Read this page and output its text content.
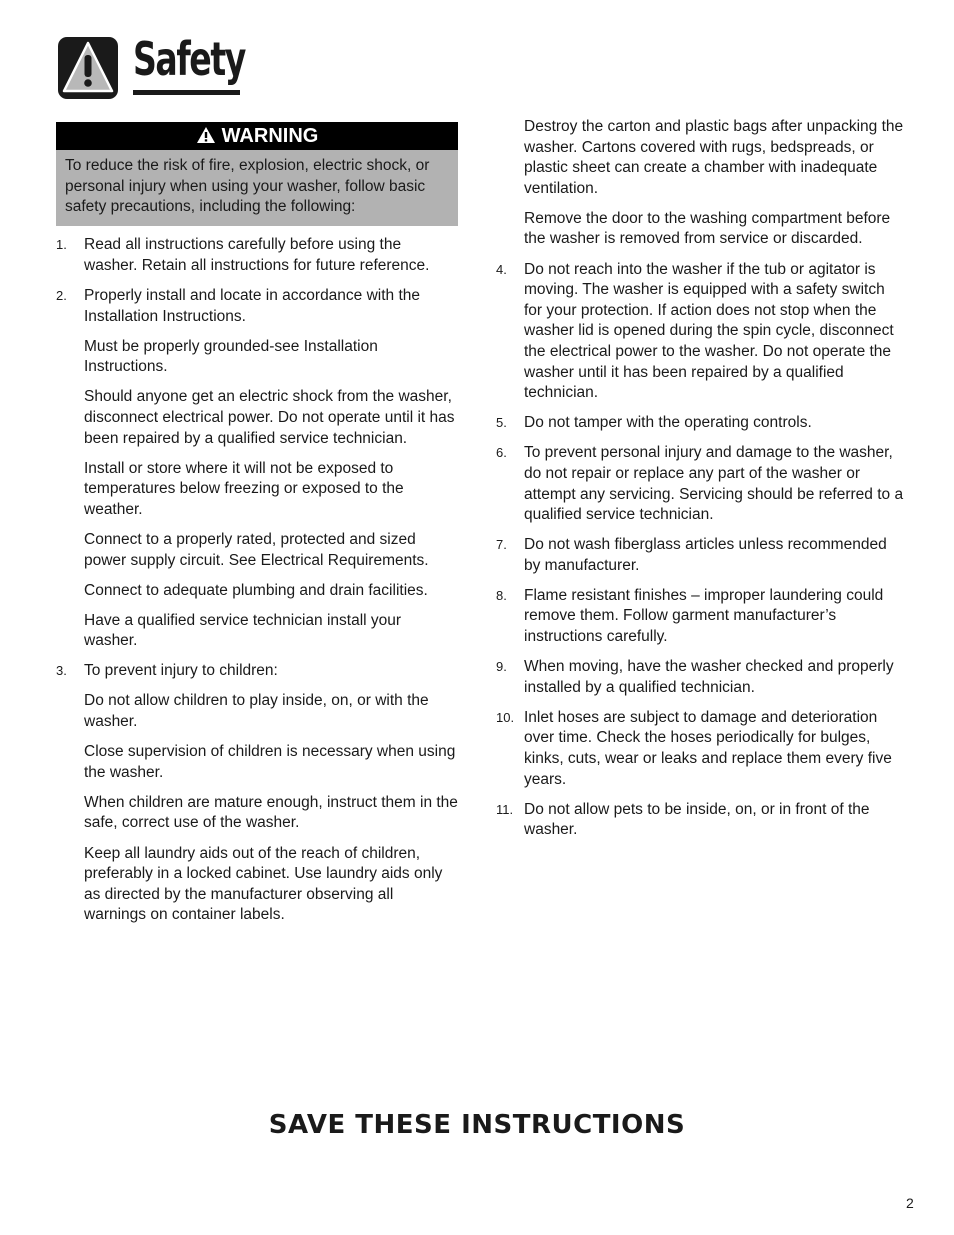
Safety
WARNING
To reduce the risk of fire, explosion, electric shock, or personal injury when using your washer, follow basic safety precautions, including the following:
1. Read all instructions carefully before using the washer. Retain all instructions for future reference.
2. Properly install and locate in accordance with the Installation Instructions.
Must be properly grounded-see Installation Instructions.
Should anyone get an electric shock from the washer, disconnect electrical power. Do not operate until it has been repaired by a qualified service technician.
Install or store where it will not be exposed to temperatures below freezing or exposed to the weather.
Connect to a properly rated, protected and sized power supply circuit. See Electrical Requirements.
Connect to adequate plumbing and drain facilities.
Have a qualified service technician install your washer.
3. To prevent injury to children:
Do not allow children to play inside, on, or with the washer.
Close supervision of children is necessary when using the washer.
When children are mature enough, instruct them in the safe, correct use of the washer.
Keep all laundry aids out of the reach of children, preferably in a locked cabinet. Use laundry aids only as directed by the manufacturer observing all warnings on container labels.
Destroy the carton and plastic bags after unpacking the washer. Cartons covered with rugs, bedspreads, or plastic sheet can create a chamber with inadequate ventilation.
Remove the door to the washing compartment before the washer is removed from service or discarded.
4. Do not reach into the washer if the tub or agitator is moving. The washer is equipped with a safety switch for your protection. If action does not stop when the washer lid is opened during the spin cycle, disconnect the electrical power to the washer. Do not operate the washer until it has been repaired by a qualified technician.
5. Do not tamper with the operating controls.
6. To prevent personal injury and damage to the washer, do not repair or replace any part of the washer or attempt any servicing. Servicing should be referred to a qualified service technician.
7. Do not wash fiberglass articles unless recommended by manufacturer.
8. Flame resistant finishes – improper laundering could remove them. Follow garment manufacturer’s instructions carefully.
9. When moving, have the washer checked and properly installed by a qualified technician.
10. Inlet hoses are subject to damage and deterioration over time. Check the hoses periodically for bulges, kinks, cuts, wear or leaks and replace them every five years.
11. Do not allow pets to be inside, on, or in front of the washer.
SAVE THESE INSTRUCTIONS
2
